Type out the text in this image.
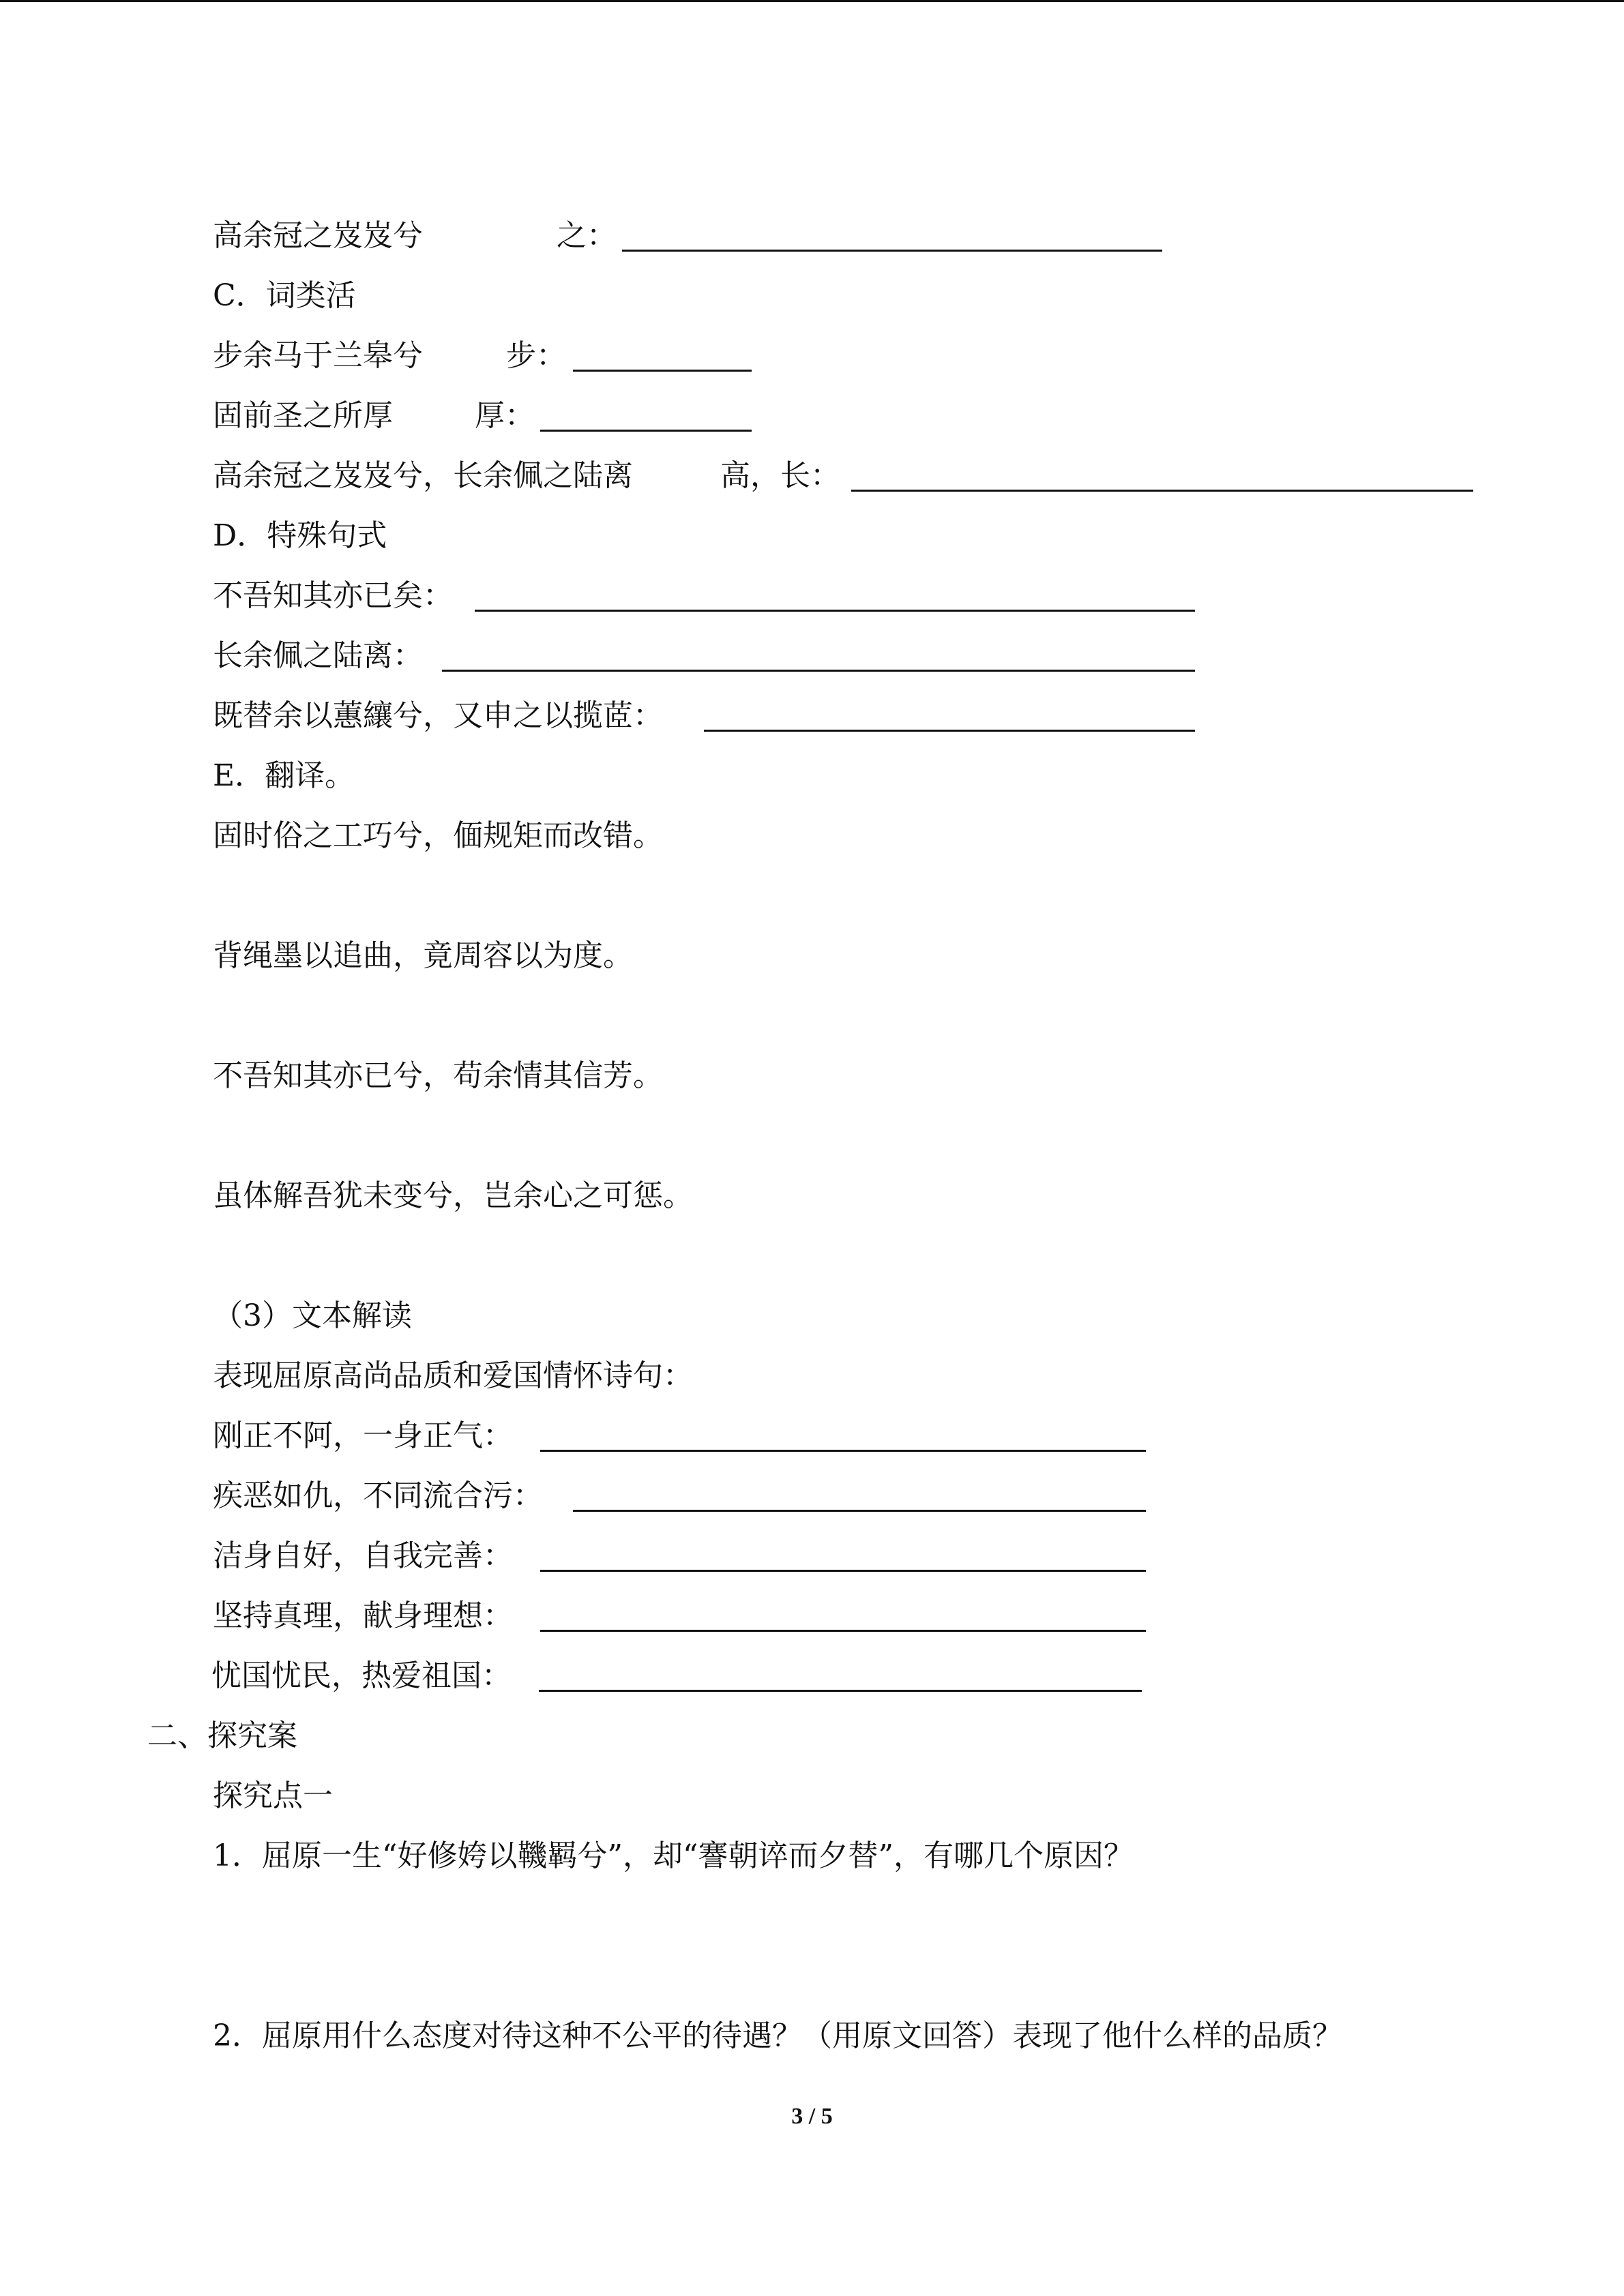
高余冠之岌岌兮	之：
C．词类活
步余马于兰皋兮	步：
固前圣之所厚	厚：
高余冠之岌岌兮，长余佩之陆离	高，长：
D．特殊句式
不吾知其亦已矣：
长余佩之陆离：
既替余以蕙纕兮，又申之以揽茝：
E．翻译。
固时俗之工巧兮，偭规矩而改错。
背绳墨以追曲，竟周容以为度。
不吾知其亦已兮，苟余情其信芳。
虽体解吾犹未变兮，岂余心之可惩。
（3）文本解读
表现屈原高尚品质和爱国情怀诗句：
刚正不阿，一身正气：
疾恶如仇，不同流合污：
洁身自好，自我完善：
坚持真理，献身理想：
忧国忧民，热爱祖国：
二、探究案
探究点一
1．屈原一生“好修姱以鞿羁兮”，却“謇朝谇而夕替”，有哪几个原因？
2．屈原用什么态度对待这种不公平的待遇？（用原文回答）表现了他什么样的品质？
3 / 5
